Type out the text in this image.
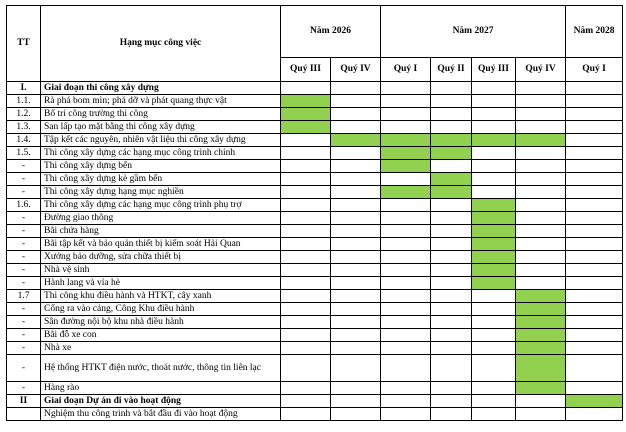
TT	Hạng mục công việc	Năm 2026		Năm 2027				Năm 2028
		Quý III	Quý IV	Quý I	Quý II	Quý III	Quý IV	Quý I
I.	Giai đoạn thi công xây dựng							
1.1.	Rà phá bom mìn; phá dỡ và phát quang thực vật							
1.2.	Bố trí công trường thi công							
1.3.	San lấp tạo mặt bằng thi công xây dựng							
1.4.	Tập kết các nguyên, nhiên vật liệu thi công xây dựng							
1.5.	Thi công xây dựng các hạng mục công trình chính							
-	Thi công xây dựng bến							
-	Thi công xây dựng kè gầm bến							
-	Thi công xây dựng hạng mục nghiền							
1.6.	Thi công xây dựng các hạng mục công trình phụ trợ							
-	Đường giao thông							
-	Bãi chứa hàng							
-	Bãi tập kết và bảo quản thiết bị kiểm soát Hải Quan							
-	Xưởng bảo dưỡng, sửa chữa thiết bị							
-	Nhà vệ sinh							
-	Hành lang và vỉa hè							
1.7	Thi công khu điều hành và HTKT, cây xanh							
-	Cổng ra vào cảng, Công Khu điều hành							
-	Sân đường nội bộ khu nhà điều hành							
-	Bãi đỗ xe con							
-	Nhà xe							
-	Hệ thống HTKT điện nước, thoát nước, thông tin liên lạc							
-	Hàng rào							
II	Giai đoạn Dự án đi vào hoạt động							
	Nghiệm thu công trình và bắt đầu đi vào hoạt động							
